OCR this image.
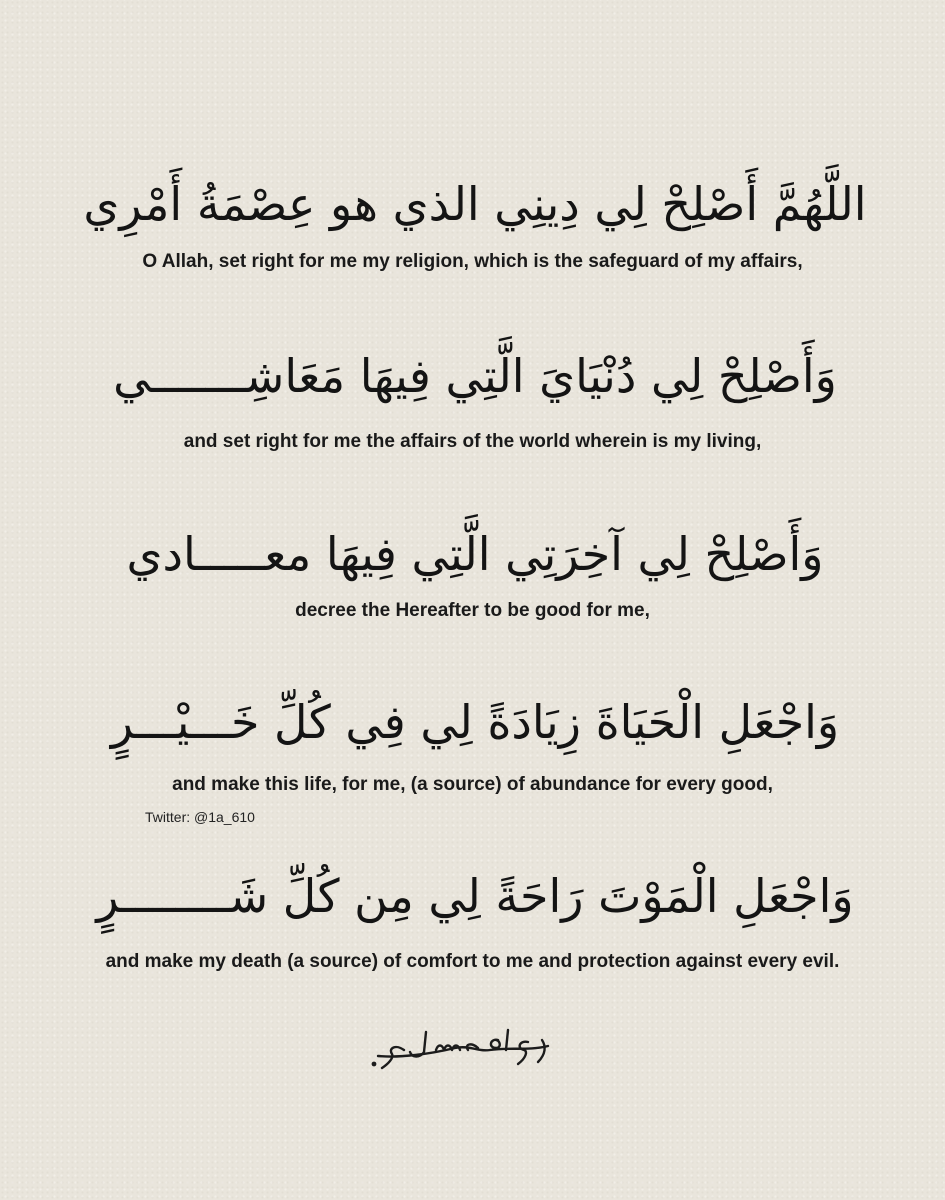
اللَّهُمَّ أَصْلِحْ لِي دِينِي الذي هو عِصْمَةُ أَمْرِي
O Allah, set right for me my religion, which is the safeguard of my affairs,
وَأَصْلِحْ لِي دُنْيَايَ الَّتِي فِيهَا مَعَاشِـــــــي
and set right for me the affairs of the world wherein is my living,
وَأَصْلِحْ لِي آخِرَتِي الَّتِي فِيهَا معـــــادي
decree the Hereafter to be good for me,
وَاجْعَلِ الْحَيَاةَ زِيَادَةً لِي فِي كُلِّ خَـــيْـــرٍ
and make this life, for me, (a source) of abundance for every good,
Twitter: @1a_610
وَاجْعَلِ الْمَوْتَ رَاحَةً لِي مِن كُلِّ شَــــــــرٍ
and make my death (a source) of comfort to me and protection against every evil.
